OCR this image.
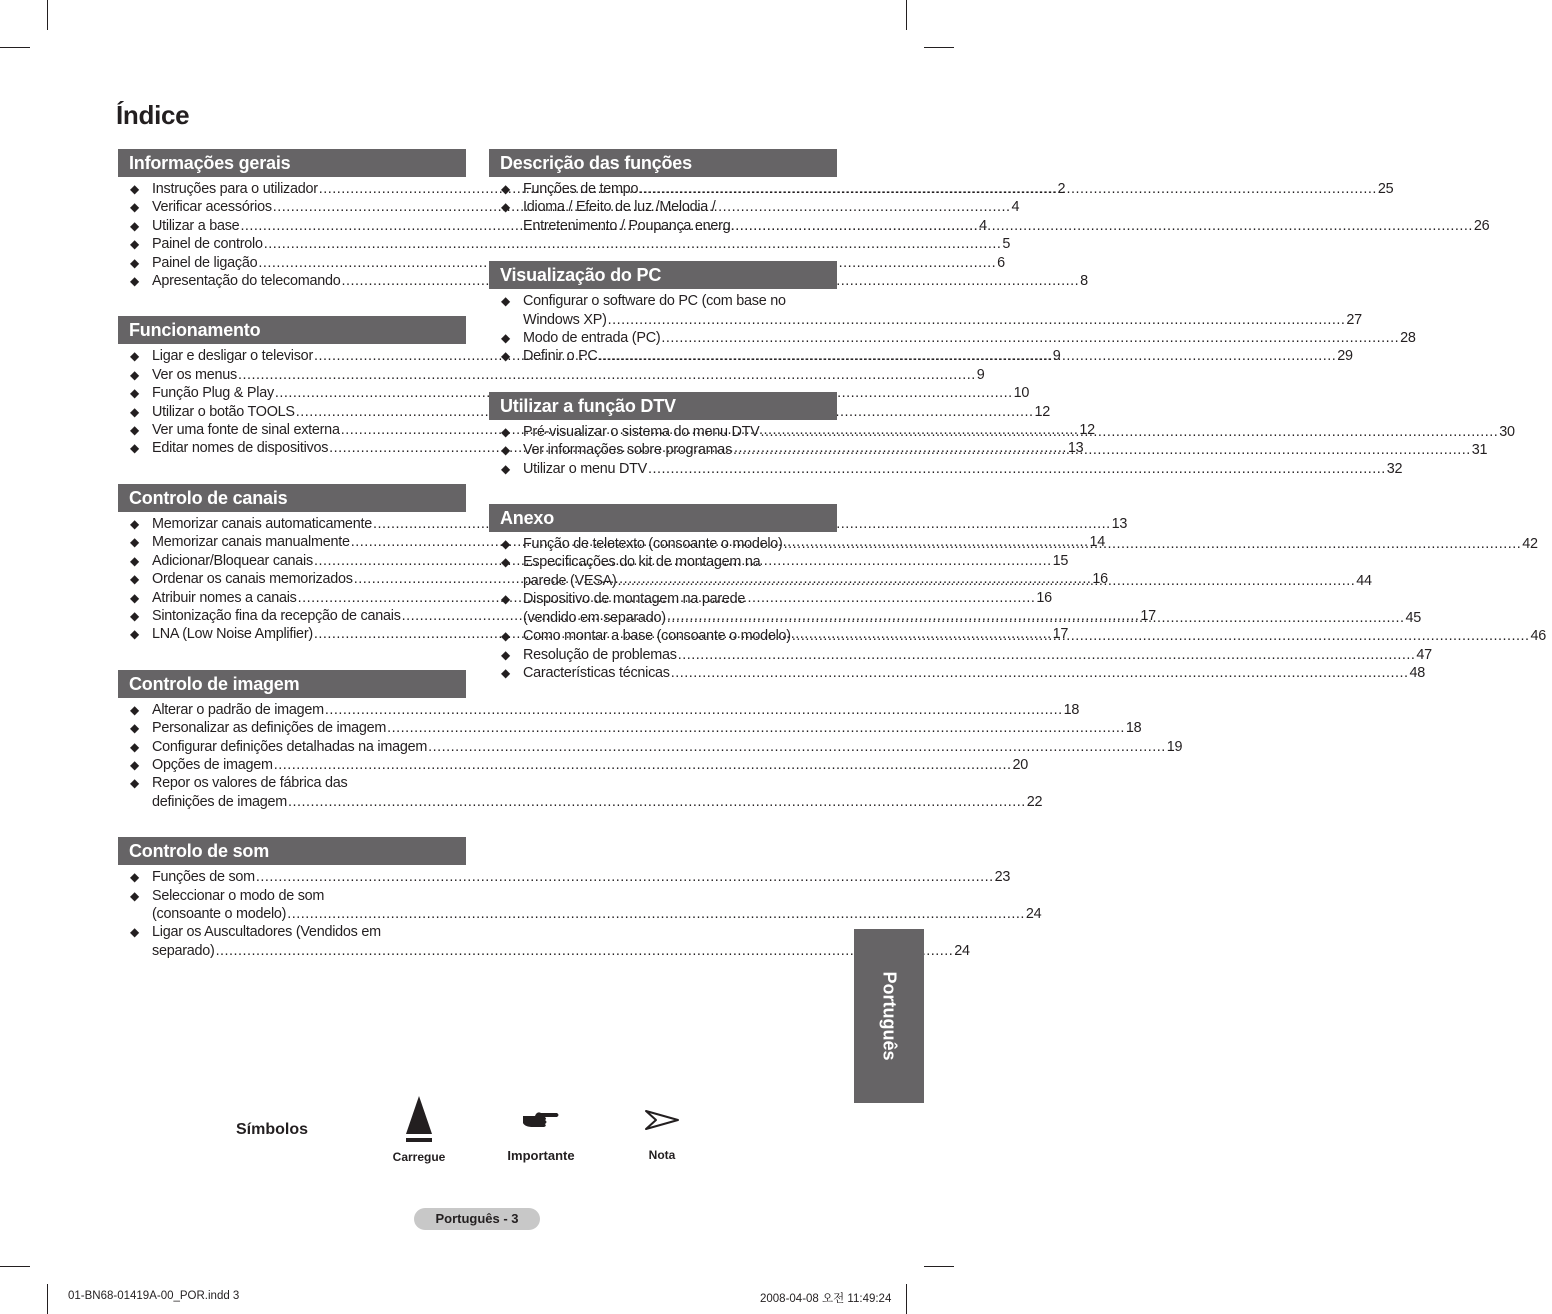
Índice
Informações gerais
◆ Instruções para o utilizador .....	2
◆ Verificar acessórios .....	4
◆ Utilizar a base .....	4
◆ Painel de controlo .....	5
◆ Painel de ligação .....	6
◆ Apresentação do telecomando .....	8
Funcionamento
◆ Ligar e desligar o televisor .....	9
◆ Ver os menus .....	9
◆ Função Plug & Play .....	10
◆ Utilizar o botão TOOLS .....	12
◆ Ver uma fonte de sinal externa .....	12
◆ Editar nomes de dispositivos .....	13
Controlo de canais
◆ Memorizar canais automaticamente .....	13
◆ Memorizar canais manualmente .....	14
◆ Adicionar/Bloquear canais .....	15
◆ Ordenar os canais memorizados .....	16
◆ Atribuir nomes a canais .....	16
◆ Sintonização fina da recepção de canais .....	17
◆ LNA (Low Noise Amplifier) .....	17
Controlo de imagem
◆ Alterar o padrão de imagem .....	18
◆ Personalizar as definições de imagem .....	18
◆ Configurar definições detalhadas na imagem .....	19
◆ Opções de imagem .....	20
◆ Repor os valores de fábrica das
definições de imagem .....	22
Controlo de som
◆ Funções de som .....	23
◆ Seleccionar o modo de som
(consoante o modelo) .....	24
◆ Ligar os Auscultadores (Vendidos em
separado) .....	24
Descrição das funções
◆ Funções de tempo .....	25
◆ Idioma / Efeito de luz /Melodia /
Entretenimento / Poupança energ. .....	26
Visualização do PC
◆ Configurar o software do PC (com base no
Windows XP) .....	27
◆ Modo de entrada (PC) .....	28
◆ Definir o PC .....	29
Utilizar a função DTV
◆ Pré-visualizar o sistema do menu DTV .....	30
◆ Ver informações sobre programas .....	31
◆ Utilizar o menu DTV .....	32
Anexo
◆ Função de teletexto (consoante o modelo) .....	42
◆ Especificações do kit de montagem na
parede (VESA) .....	44
◆ Dispositivo de montagem na parede
(vendido em separado) .....	45
◆ Como montar a base (consoante o modelo) .....	46
◆ Resolução de problemas .....	47
◆ Características técnicas .....	48
Português
Símbolos
Carregue	Importante	Nota
Português - 3
01-BN68-01419A-00_POR.indd 3	2008-04-08 오전 11:49:24
